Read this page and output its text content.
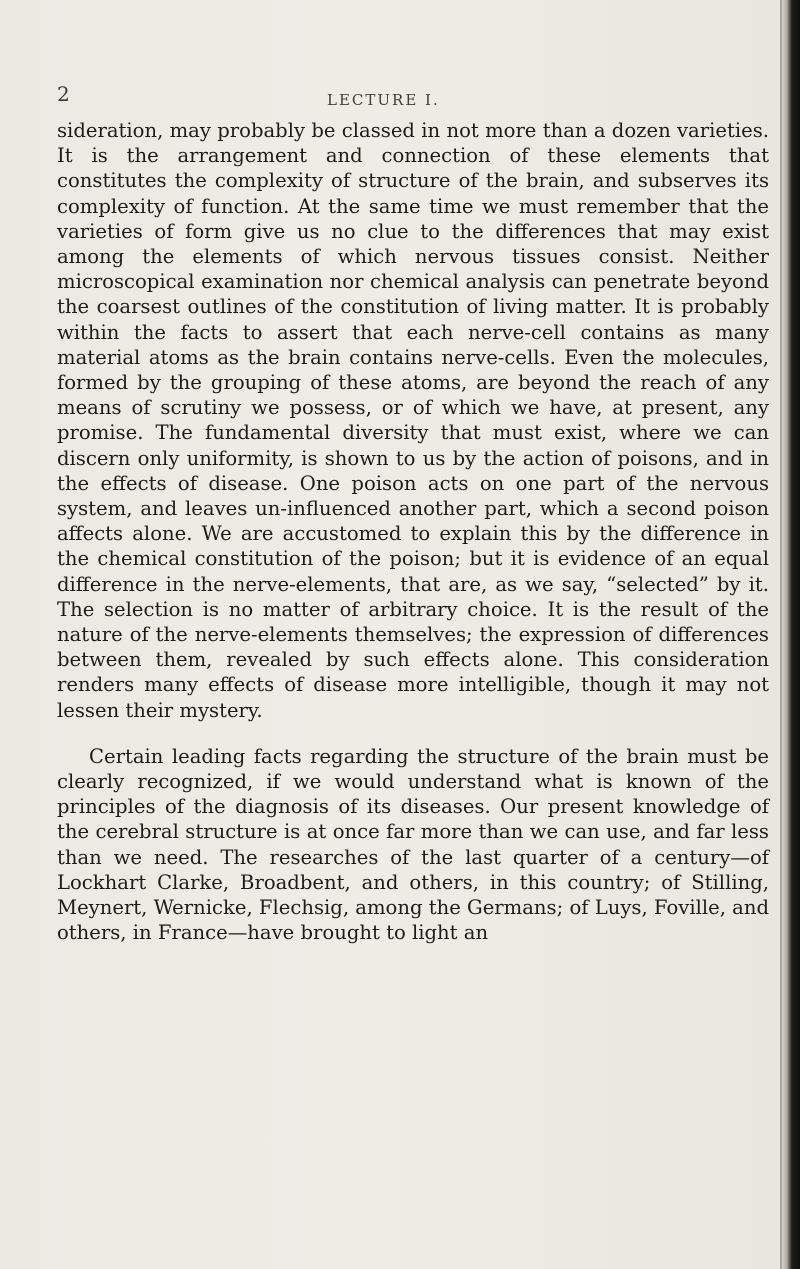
2	LECTURE I.

sideration, may probably be classed in not more than a dozen varieties. It is the arrangement and connection of these elements that constitutes the complexity of structure of the brain, and subserves its complexity of function. At the same time we must remember that the varieties of form give us no clue to the differences that may exist among the elements of which nervous tissues consist. Neither microscopical examination nor chemical analysis can penetrate beyond the coarsest outlines of the constitution of living matter. It is probably within the facts to assert that each nerve-cell contains as many material atoms as the brain contains nerve-cells. Even the molecules, formed by the grouping of these atoms, are beyond the reach of any means of scrutiny we possess, or of which we have, at present, any promise. The fundamental diversity that must exist, where we can discern only uniformity, is shown to us by the action of poisons, and in the effects of disease. One poison acts on one part of the nervous system, and leaves un-influenced another part, which a second poison affects alone. We are accustomed to explain this by the difference in the chemical constitution of the poison; but it is evidence of an equal difference in the nerve-elements, that are, as we say, “selected” by it. The selection is no matter of arbitrary choice. It is the result of the nature of the nerve-elements themselves; the expression of differences between them, revealed by such effects alone. This consideration renders many effects of disease more intelligible, though it may not lessen their mystery.

Certain leading facts regarding the structure of the brain must be clearly recognized, if we would understand what is known of the principles of the diagnosis of its diseases. Our present knowledge of the cerebral structure is at once far more than we can use, and far less than we need. The researches of the last quarter of a century—of Lockhart Clarke, Broadbent, and others, in this country; of Stilling, Meynert, Wernicke, Flechsig, among the Germans; of Luys, Foville, and others, in France—have brought to light an
